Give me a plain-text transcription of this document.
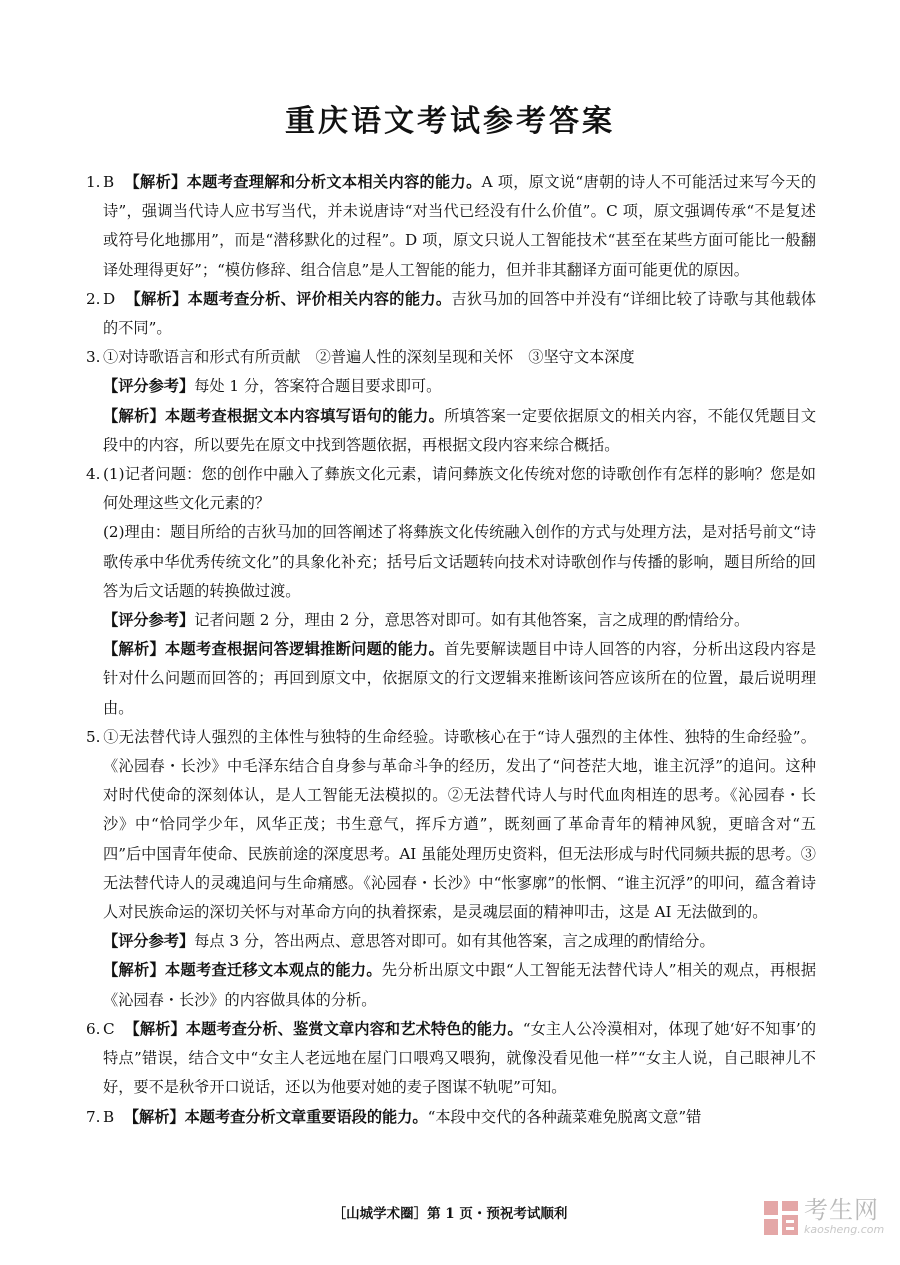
重庆语文考试参考答案

1. B 【解析】本题考查理解和分析文本相关内容的能力。A 项，原文说“唐朝的诗人不可能活过来写今天的诗”，强调当代诗人应书写当代，并未说唐诗“对当代已经没有什么价值”。C 项，原文强调传承“不是复述或符号化地挪用”，而是“潜移默化的过程”。D 项，原文只说人工智能技术“甚至在某些方面可能比一般翻译处理得更好”；“模仿修辞、组合信息”是人工智能的能力，但并非其翻译方面可能更优的原因。

2. D 【解析】本题考查分析、评价相关内容的能力。吉狄马加的回答中并没有“详细比较了诗歌与其他载体的不同”。

3. ①对诗歌语言和形式有所贡献　②普遍人性的深刻呈现和关怀　③坚守文本深度
【评分参考】每处 1 分，答案符合题目要求即可。
【解析】本题考查根据文本内容填写语句的能力。所填答案一定要依据原文的相关内容，不能仅凭题目文段中的内容，所以要先在原文中找到答题依据，再根据文段内容来综合概括。
4. (1)记者问题：您的创作中融入了彝族文化元素，请问彝族文化传统对您的诗歌创作有怎样的影响？您是如何处理这些文化元素的？
(2)理由：题目所给的吉狄马加的回答阐述了将彝族文化传统融入创作的方式与处理方法，是对括号前文“诗歌传承中华优秀传统文化”的具象化补充；括号后文话题转向技术对诗歌创作与传播的影响，题目所给的回答为后文话题的转换做过渡。
【评分参考】记者问题 2 分，理由 2 分，意思答对即可。如有其他答案，言之成理的酌情给分。
【解析】本题考查根据问答逻辑推断问题的能力。首先要解读题目中诗人回答的内容，分析出这段内容是针对什么问题而回答的；再回到原文中，依据原文的行文逻辑来推断该问答应该所在的位置，最后说明理由。
5. ①无法替代诗人强烈的主体性与独特的生命经验。诗歌核心在于“诗人强烈的主体性、独特的生命经验”。《沁园春・长沙》中毛泽东结合自身参与革命斗争的经历，发出了“问苍茫大地，谁主沉浮”的追问。这种对时代使命的深刻体认，是人工智能无法模拟的。②无法替代诗人与时代血肉相连的思考。《沁园春・长沙》中“恰同学少年，风华正茂；书生意气，挥斥方遒”，既刻画了革命青年的精神风貌，更暗含对“五四”后中国青年使命、民族前途的深度思考。AI 虽能处理历史资料，但无法形成与时代同频共振的思考。③无法替代诗人的灵魂追问与生命痛感。《沁园春・长沙》中“怅寥廓”的怅惘、“谁主沉浮”的叩问，蕴含着诗人对民族命运的深切关怀与对革命方向的执着探索，是灵魂层面的精神叩击，这是 AI 无法做到的。
【评分参考】每点 3 分，答出两点、意思答对即可。如有其他答案，言之成理的酌情给分。
【解析】本题考查迁移文本观点的能力。先分析出原文中跟“人工智能无法替代诗人”相关的观点，再根据《沁园春・长沙》的内容做具体的分析。

6. C 【解析】本题考查分析、鉴赏文章内容和艺术特色的能力。“女主人公冷漠相对，体现了她‘好不知事’的特点”错误，结合文中“女主人老远地在屋门口喂鸡又喂狗，就像没看见他一样”“女主人说，自己眼神儿不好，要不是秋爷开口说话，还以为他要对她的麦子图谋不轨呢”可知。

7. B 【解析】本题考查分析文章重要语段的能力。“本段中交代的各种蔬菜难免脱离文意”错

［山城学术圈］第 1 页・预祝考试顺利	考生网
kaosheng.com
